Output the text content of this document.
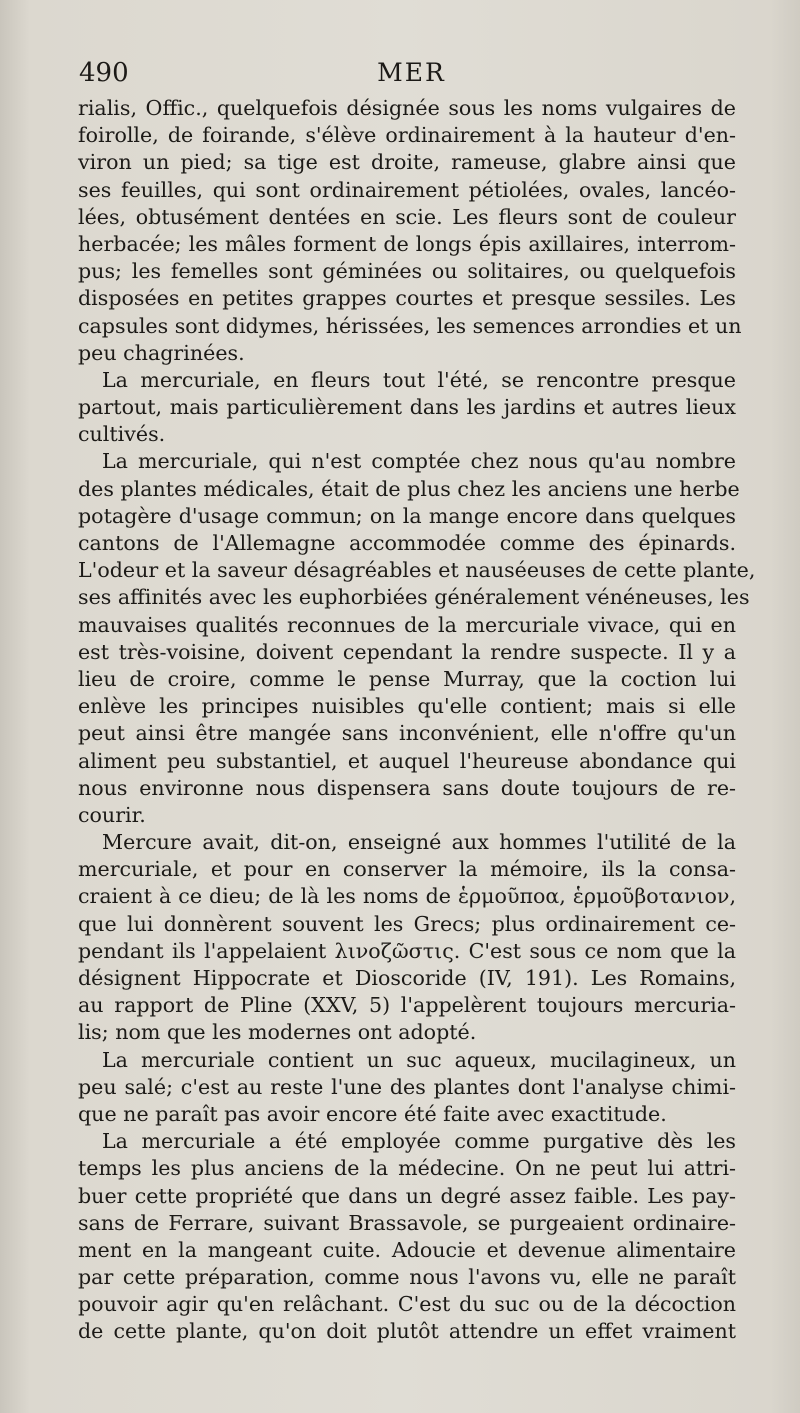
490	MER
rialis, Offic., quelquefois désignée sous les noms vulgaires de
foirolle, de foirande, s'élève ordinairement à la hauteur d'en-
viron un pied; sa tige est droite, rameuse, glabre ainsi que
ses feuilles, qui sont ordinairement pétiolées, ovales, lancéo-
lées, obtusément dentées en scie. Les fleurs sont de couleur
herbacée; les mâles forment de longs épis axillaires, interrom-
pus; les femelles sont géminées ou solitaires, ou quelquefois
disposées en petites grappes courtes et presque sessiles. Les
capsules sont didymes, hérissées, les semences arrondies et un
peu chagrinées.
La mercuriale, en fleurs tout l'été, se rencontre presque
partout, mais particulièrement dans les jardins et autres lieux
cultivés.
La mercuriale, qui n'est comptée chez nous qu'au nombre
des plantes médicales, était de plus chez les anciens une herbe
potagère d'usage commun; on la mange encore dans quelques
cantons de l'Allemagne accommodée comme des épinards.
L'odeur et la saveur désagréables et nauséeuses de cette plante,
ses affinités avec les euphorbiées généralement vénéneuses, les
mauvaises qualités reconnues de la mercuriale vivace, qui en
est très-voisine, doivent cependant la rendre suspecte. Il y a
lieu de croire, comme le pense Murray, que la coction lui
enlève les principes nuisibles qu'elle contient; mais si elle
peut ainsi être mangée sans inconvénient, elle n'offre qu'un
aliment peu substantiel, et auquel l'heureuse abondance qui
nous environne nous dispensera sans doute toujours de re-
courir.
Mercure avait, dit-on, enseigné aux hommes l'utilité de la
mercuriale, et pour en conserver la mémoire, ils la consa-
craient à ce dieu; de là les noms de ἑρμοῦποα, ἑρμοῦβοτανιον,
que lui donnèrent souvent les Grecs; plus ordinairement ce-
pendant ils l'appelaient λινοζῶστις. C'est sous ce nom que la
désignent Hippocrate et Dioscoride (IV, 191). Les Romains,
au rapport de Pline (XXV, 5) l'appelèrent toujours mercuria-
lis; nom que les modernes ont adopté.
La mercuriale contient un suc aqueux, mucilagineux, un
peu salé; c'est au reste l'une des plantes dont l'analyse chimi-
que ne paraît pas avoir encore été faite avec exactitude.
La mercuriale a été employée comme purgative dès les
temps les plus anciens de la médecine. On ne peut lui attri-
buer cette propriété que dans un degré assez faible. Les pay-
sans de Ferrare, suivant Brassavole, se purgeaient ordinaire-
ment en la mangeant cuite. Adoucie et devenue alimentaire
par cette préparation, comme nous l'avons vu, elle ne paraît
pouvoir agir qu'en relâchant. C'est du suc ou de la décoction
de cette plante, qu'on doit plutôt attendre un effet vraiment
